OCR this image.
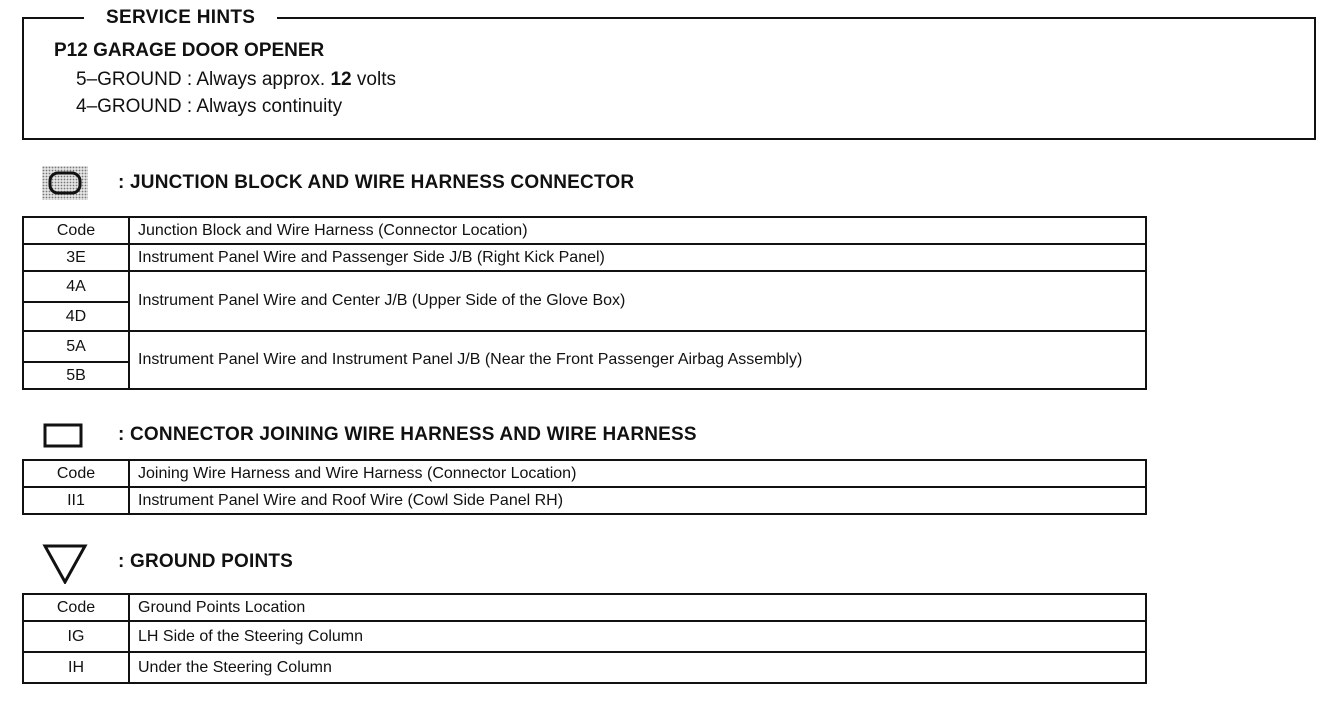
SERVICE HINTS
P12 GARAGE DOOR OPENER
5–GROUND : Always approx. 12 volts
4–GROUND : Always continuity
: JUNCTION BLOCK AND WIRE HARNESS CONNECTOR
Code	Junction Block and Wire Harness (Connector Location)
3E	Instrument Panel Wire and Passenger Side J/B (Right Kick Panel)
4A	Instrument Panel Wire and Center J/B (Upper Side of the Glove Box)
4D	
5A	Instrument Panel Wire and Instrument Panel J/B (Near the Front Passenger Airbag Assembly)
5B	
: CONNECTOR JOINING WIRE HARNESS AND WIRE HARNESS
Code	Joining Wire Harness and Wire Harness (Connector Location)
II1	Instrument Panel Wire and Roof Wire (Cowl Side Panel RH)
: GROUND POINTS
Code	Ground Points Location
IG	LH Side of the Steering Column
IH	Under the Steering Column
